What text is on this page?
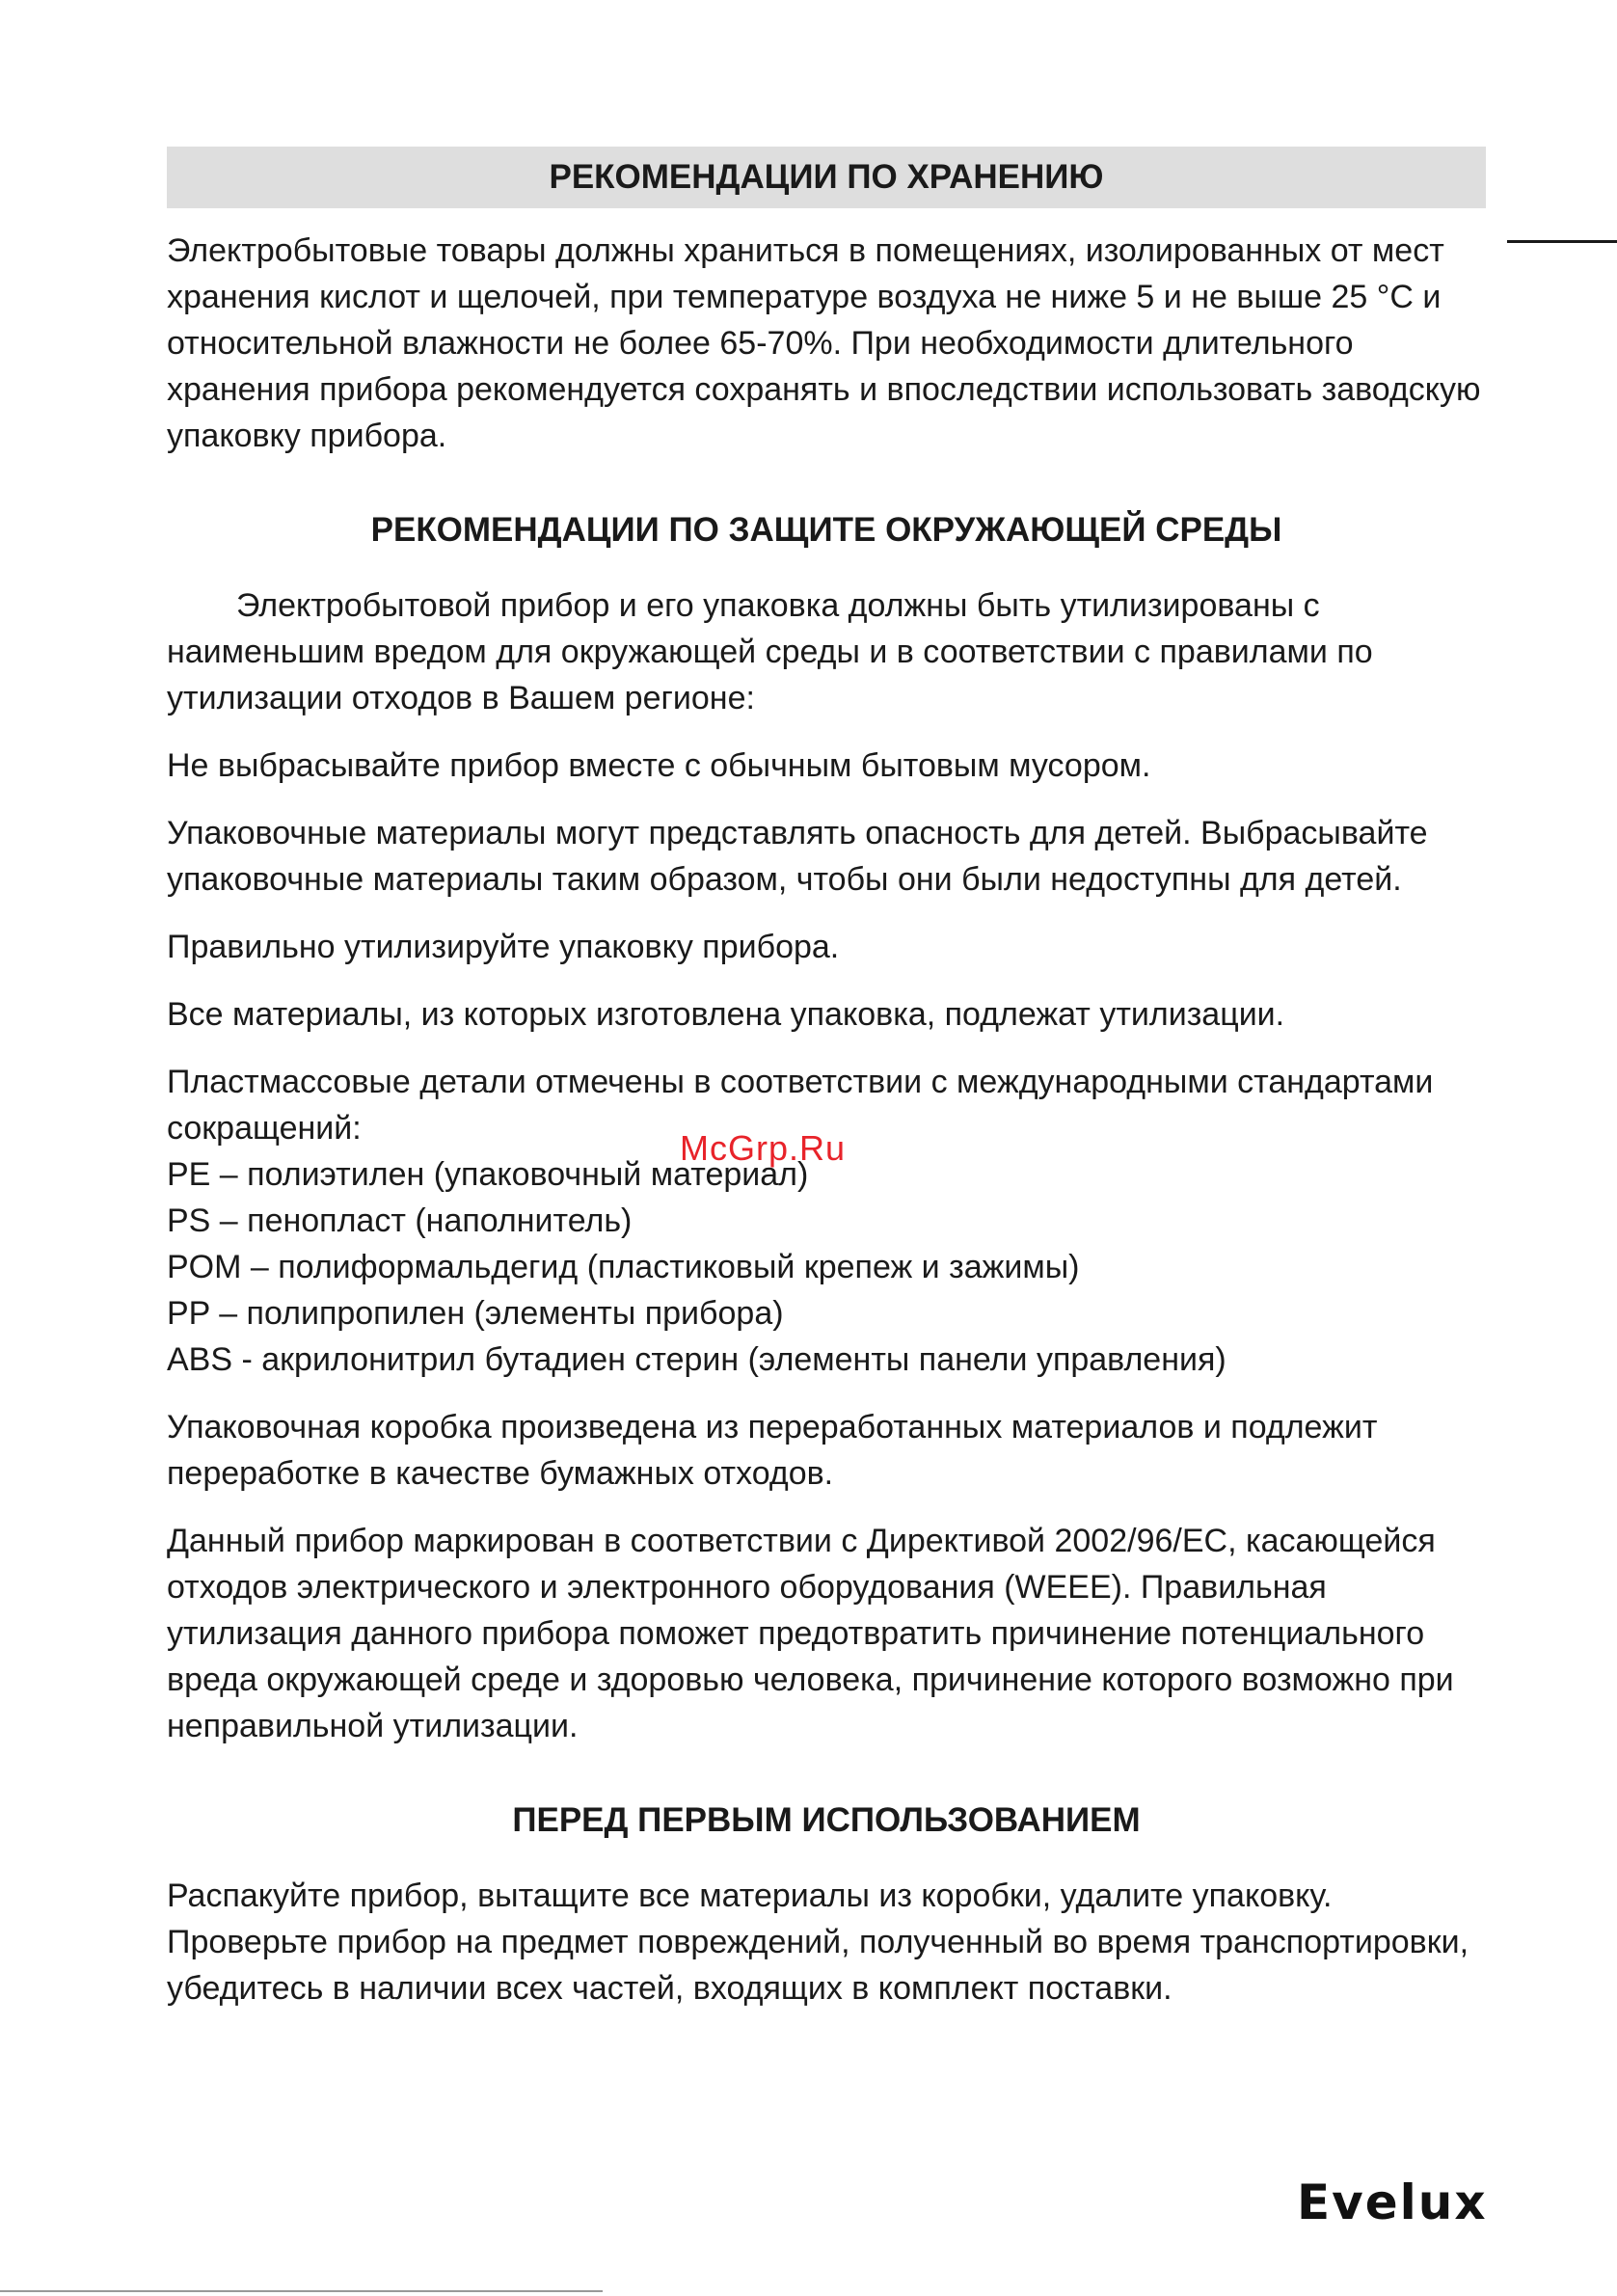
РЕКОМЕНДАЦИИ ПО ХРАНЕНИЮ

Электробытовые товары должны храниться в помещениях, изолированных от мест хранения кислот и щелочей, при температуре воздуха не ниже 5 и не выше 25 °С и относительной влажности не более 65-70%. При необходимости длительного хранения прибора рекомендуется сохранять и впоследствии использовать заводскую упаковку прибора.

РЕКОМЕНДАЦИИ ПО ЗАЩИТЕ ОКРУЖАЮЩЕЙ СРЕДЫ

Электробытовой прибор и его упаковка должны быть утилизированы с наименьшим вредом для окружающей среды и в соответствии с правилами по утилизации отходов в Вашем регионе:

Не выбрасывайте прибор вместе с обычным бытовым мусором.

Упаковочные материалы могут представлять опасность для детей. Выбрасывайте упаковочные материалы таким образом, чтобы они были недоступны для детей.

Правильно утилизируйте упаковку прибора.

Все материалы, из которых изготовлена упаковка, подлежат утилизации.

Пластмассовые детали отмечены в соответствии с международными стандартами сокращений:

PE – полиэтилен (упаковочный материал)

PS – пенопласт (наполнитель)

POM – полиформальдегид (пластиковый крепеж и зажимы)

PP – полипропилен (элементы прибора)

ABS - акрилонитрил бутадиен стерин (элементы панели управления)

Упаковочная коробка произведена из переработанных материалов и подлежит переработке в качестве бумажных отходов.

Данный прибор маркирован в соответствии с Директивой 2002/96/ЕС, касающейся отходов электрического и электронного оборудования (WEEE). Правильная утилизация данного прибора поможет предотвратить причинение потенциального вреда окружающей среде и здоровью человека, причинение которого возможно при неправильной утилизации.

ПЕРЕД ПЕРВЫМ ИСПОЛЬЗОВАНИЕМ

Распакуйте прибор, вытащите все материалы из коробки, удалите упаковку. Проверьте прибор на предмет повреждений, полученный во время транспортировки, убедитесь в наличии всех частей, входящих в комплект поставки.

McGrp.Ru
Evelux
